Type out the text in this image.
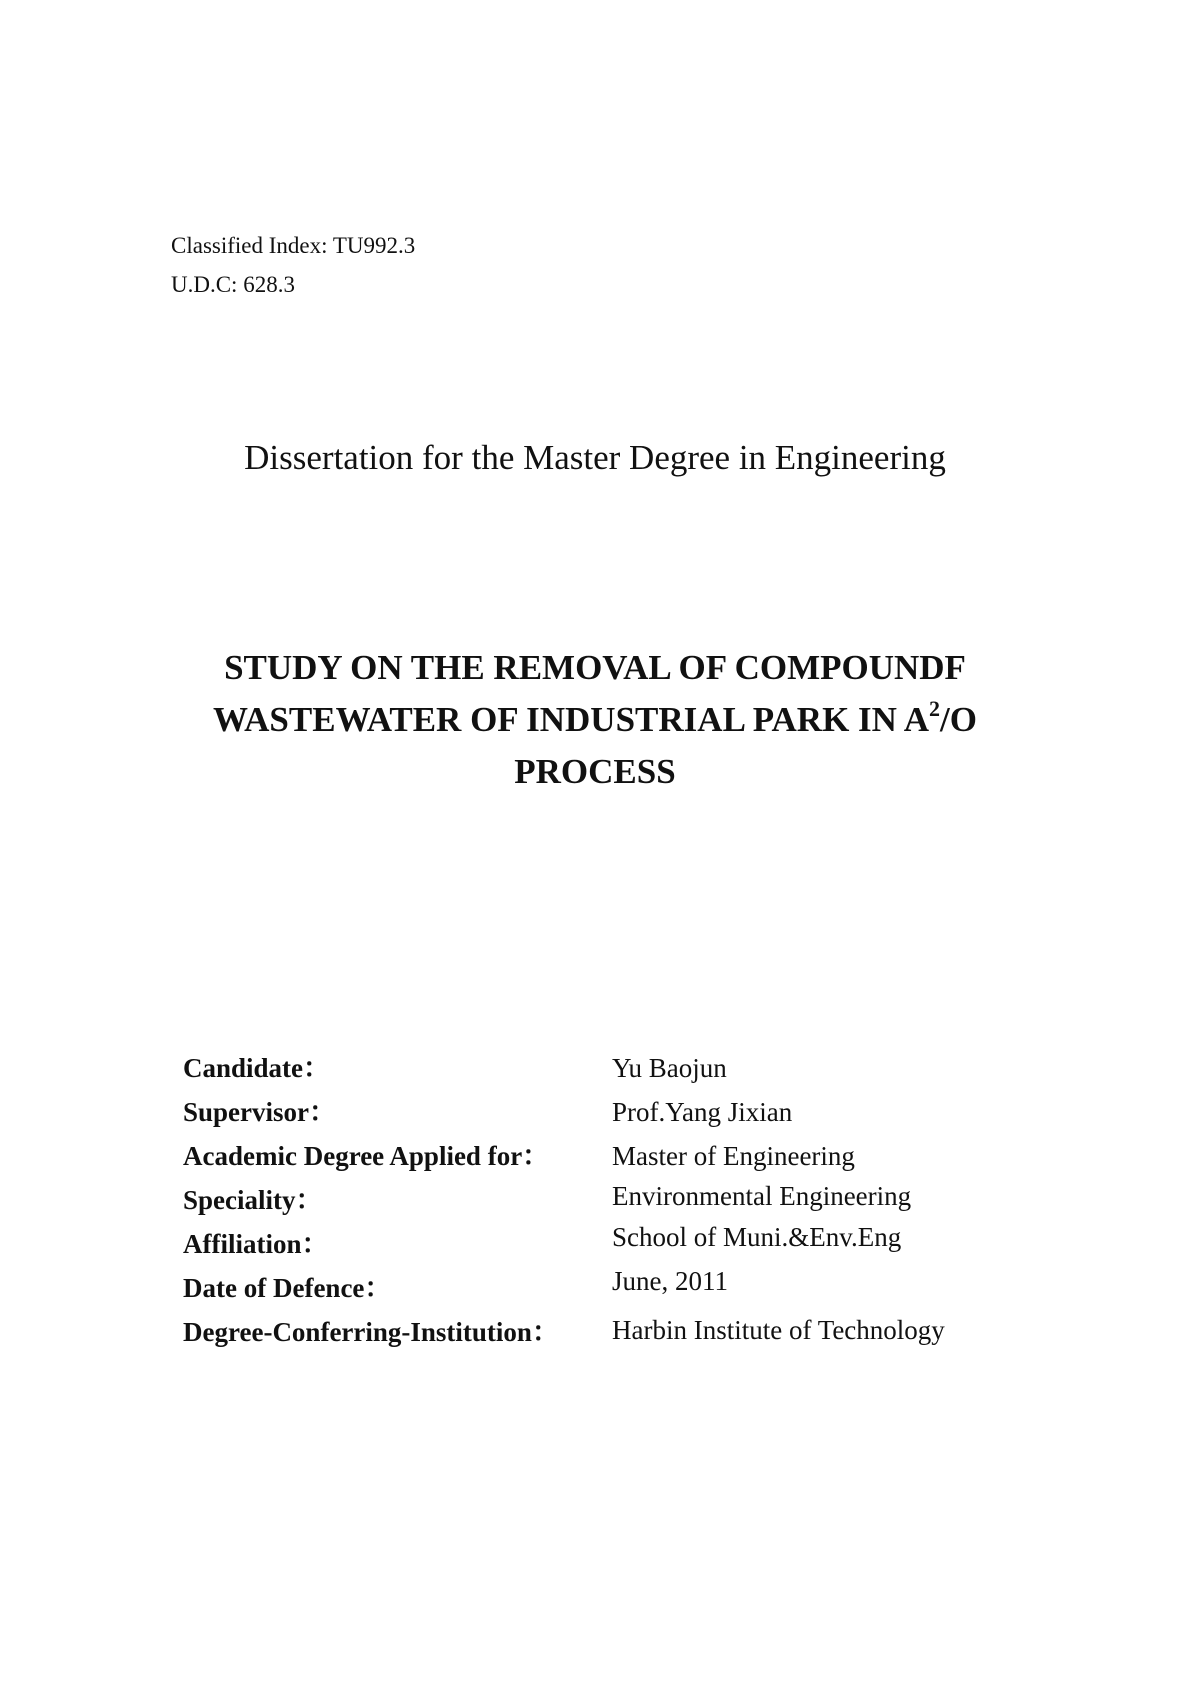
Classified Index: TU992.3
U.D.C: 628.3
Dissertation for the Master Degree in Engineering
STUDY ON THE REMOVAL OF COMPOUNDF
WASTEWATER OF INDUSTRIAL PARK IN $A^2/O$
PROCESS
Candidate：	Yu Baojun
Supervisor：	Prof.Yang Jixian
Academic Degree Applied for： Master of Engineering
Speciality：	Environmental Engineering
Affiliation：	School of Muni.&Env.Eng
Date of Defence：	June, 2011
Degree-Conferring-Institution： Harbin Institute of Technology
